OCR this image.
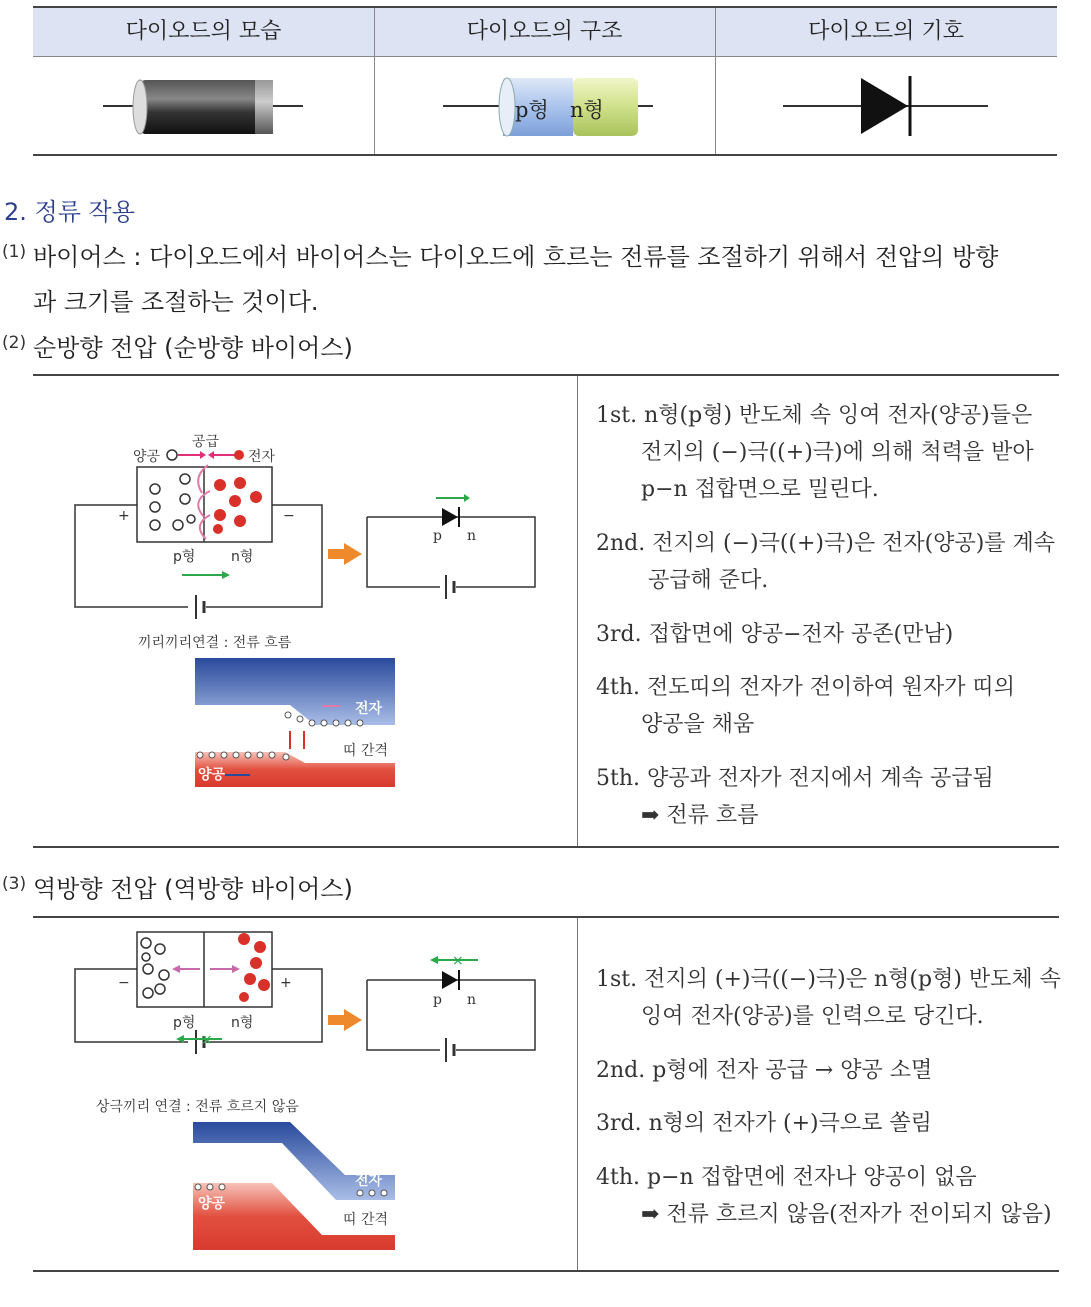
다이오드의 모습	다이오드의 구조	다이오드의 기호
p형 n형
2. 정류 작용
(1) 바이어스 : 다이오드에서 바이어스는 다이오드에 흐르는 전류를 조절하기 위해서 전압의 방향
과 크기를 조절하는 것이다.
(2) 순방향 전압 (순방향 바이어스)
양공
공급
전자
+	−
p형	n형
끼리끼리연결 : 전류 흐름
전자
띠 간격
양공
p n
1st. n형(p형) 반도체 속 잉여 전자(양공)들은
전지의 (−)극((+)극)에 의해 척력을 받아
p−n 접합면으로 밀린다.
2nd. 전지의 (−)극((+)극)은 전자(양공)를 계속
공급해 준다.
3rd. 접합면에 양공−전자 공존(만남)
4th. 전도띠의 전자가 전이하여 원자가 띠의
양공을 채움
5th. 양공과 전자가 전지에서 계속 공급됨
➡ 전류 흐름
(3) 역방향 전압 (역방향 바이어스)
×
×
−	+
p형	n형
상극끼리 연결 : 전류 흐르지 않음
전자
띠 간격
양공
p n
1st. 전지의 (+)극((−)극)은 n형(p형) 반도체 속
잉여 전자(양공)를 인력으로 당긴다.
2nd. p형에 전자 공급 → 양공 소멸
3rd. n형의 전자가 (+)극으로 쏠림
4th. p−n 접합면에 전자나 양공이 없음
➡ 전류 흐르지 않음(전자가 전이되지 않음)
